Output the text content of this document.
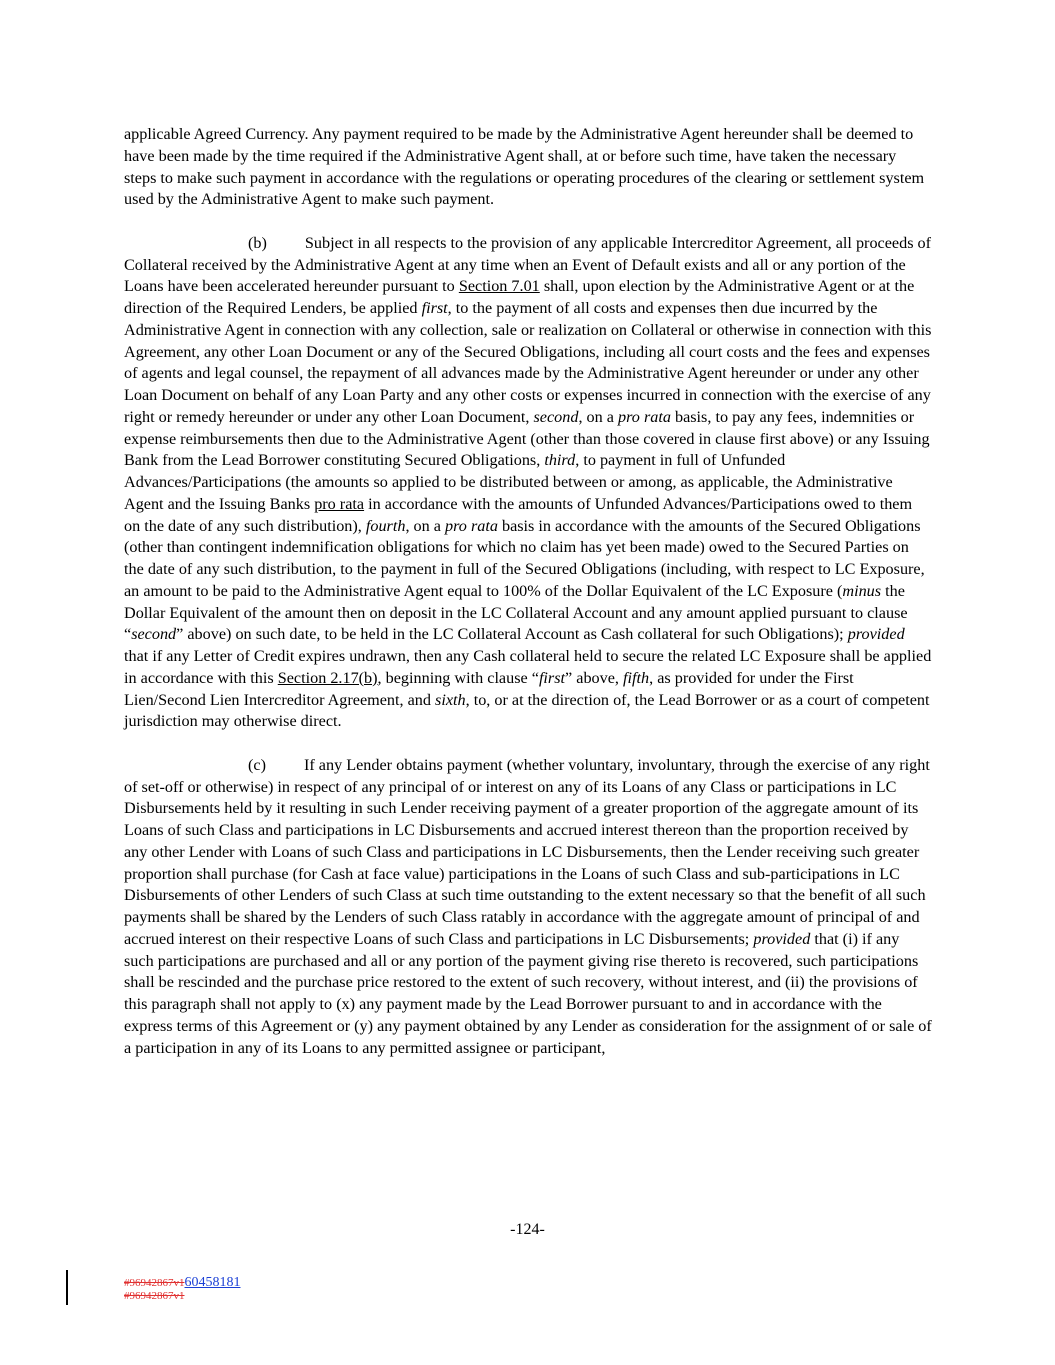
applicable Agreed Currency. Any payment required to be made by the Administrative Agent hereunder shall be deemed to have been made by the time required if the Administrative Agent shall, at or before such time, have taken the necessary steps to make such payment in accordance with the regulations or operating procedures of the clearing or settlement system used by the Administrative Agent to make such payment.

(b) Subject in all respects to the provision of any applicable Intercreditor Agreement, all proceeds of Collateral received by the Administrative Agent at any time when an Event of Default exists and all or any portion of the Loans have been accelerated hereunder pursuant to Section 7.01 shall, upon election by the Administrative Agent or at the direction of the Required Lenders, be applied first, to the payment of all costs and expenses then due incurred by the Administrative Agent in connection with any collection, sale or realization on Collateral or otherwise in connection with this Agreement, any other Loan Document or any of the Secured Obligations, including all court costs and the fees and expenses of agents and legal counsel, the repayment of all advances made by the Administrative Agent hereunder or under any other Loan Document on behalf of any Loan Party and any other costs or expenses incurred in connection with the exercise of any right or remedy hereunder or under any other Loan Document, second, on a pro rata basis, to pay any fees, indemnities or expense reimbursements then due to the Administrative Agent (other than those covered in clause first above) or any Issuing Bank from the Lead Borrower constituting Secured Obligations, third, to payment in full of Unfunded Advances/Participations (the amounts so applied to be distributed between or among, as applicable, the Administrative Agent and the Issuing Banks pro rata in accordance with the amounts of Unfunded Advances/Participations owed to them on the date of any such distribution), fourth, on a pro rata basis in accordance with the amounts of the Secured Obligations (other than contingent indemnification obligations for which no claim has yet been made) owed to the Secured Parties on the date of any such distribution, to the payment in full of the Secured Obligations (including, with respect to LC Exposure, an amount to be paid to the Administrative Agent equal to 100% of the Dollar Equivalent of the LC Exposure (minus the Dollar Equivalent of the amount then on deposit in the LC Collateral Account and any amount applied pursuant to clause “second” above) on such date, to be held in the LC Collateral Account as Cash collateral for such Obligations); provided that if any Letter of Credit expires undrawn, then any Cash collateral held to secure the related LC Exposure shall be applied in accordance with this Section 2.17(b), beginning with clause “first” above, fifth, as provided for under the First Lien/Second Lien Intercreditor Agreement, and sixth, to, or at the direction of, the Lead Borrower or as a court of competent jurisdiction may otherwise direct.

(c) If any Lender obtains payment (whether voluntary, involuntary, through the exercise of any right of set-off or otherwise) in respect of any principal of or interest on any of its Loans of any Class or participations in LC Disbursements held by it resulting in such Lender receiving payment of a greater proportion of the aggregate amount of its Loans of such Class and participations in LC Disbursements and accrued interest thereon than the proportion received by any other Lender with Loans of such Class and participations in LC Disbursements, then the Lender receiving such greater proportion shall purchase (for Cash at face value) participations in the Loans of such Class and sub-participations in LC Disbursements of other Lenders of such Class at such time outstanding to the extent necessary so that the benefit of all such payments shall be shared by the Lenders of such Class ratably in accordance with the aggregate amount of principal of and accrued interest on their respective Loans of such Class and participations in LC Disbursements; provided that (i) if any such participations are purchased and all or any portion of the payment giving rise thereto is recovered, such participations shall be rescinded and the purchase price restored to the extent of such recovery, without interest, and (ii) the provisions of this paragraph shall not apply to (x) any payment made by the Lead Borrower pursuant to and in accordance with the express terms of this Agreement or (y) any payment obtained by any Lender as consideration for the assignment of or sale of a participation in any of its Loans to any permitted assignee or participant,

-124-
#96942867v160458181
#96942867v1
